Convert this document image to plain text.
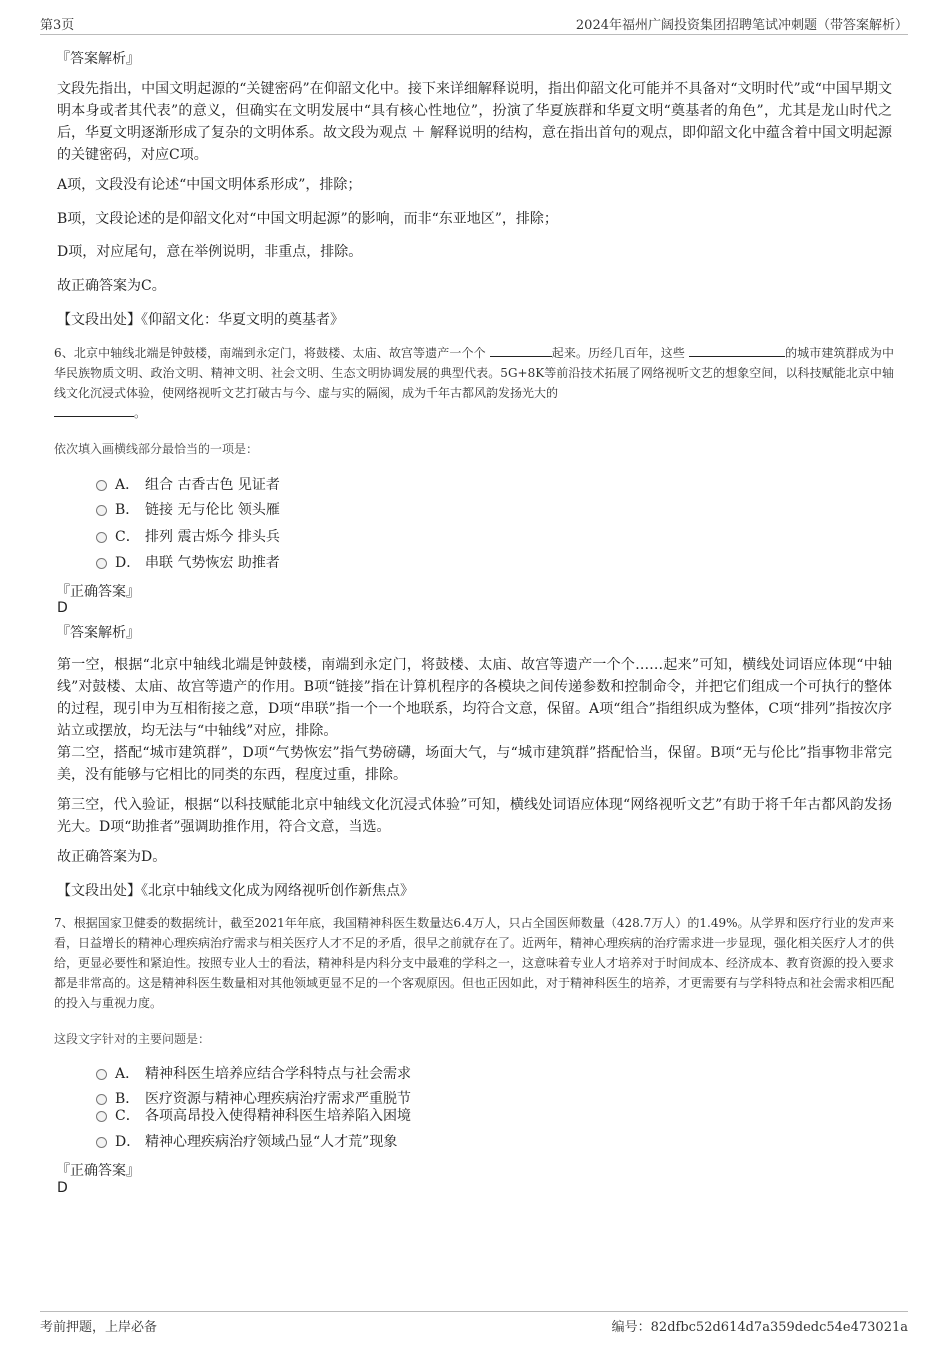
第3页	2024年福州广阔投资集团招聘笔试冲刺题（带答案解析）
『答案解析』
文段先指出，中国文明起源的“关键密码”在仰韶文化中。接下来详细解释说明，指出仰韶文化可能并不具备对“文明时代”或“中国早期文明本身或者其代表”的意义，但确实在文明发展中“具有核心性地位”，扮演了华夏族群和华夏文明“奠基者的角色”，尤其是龙山时代之后，华夏文明逐渐形成了复杂的文明体系。故文段为观点 ＋ 解释说明的结构，意在指出首句的观点，即仰韶文化中蕴含着中国文明起源的关键密码，对应C项。
A项，文段没有论述“中国文明体系形成”，排除；
B项，文段论述的是仰韶文化对“中国文明起源”的影响，而非“东亚地区”，排除；
D项，对应尾句，意在举例说明，非重点，排除。
故正确答案为C。
【文段出处】《仰韶文化：华夏文明的奠基者》
6、北京中轴线北端是钟鼓楼，南端到永定门，将鼓楼、太庙、故宫等遗产一个个	起来。历经几百年，这些	的城市建筑群成为中华民族物质文明、政治文明、精神文明、社会文明、生态文明协调发展的典型代表。5G+8K等前沿技术拓展了网络视听文艺的想象空间，以科技赋能北京中轴线文化沉浸式体验，使网络视听文艺打破古与今、虚与实的隔阂，成为千年古都风韵发扬光大的
。
依次填入画横线部分最恰当的一项是：
A． 组合 古香古色 见证者
B． 链接 无与伦比 领头雁
C． 排列 震古烁今 排头兵
D． 串联 气势恢宏 助推者
『正确答案』
D
『答案解析』
第一空，根据“北京中轴线北端是钟鼓楼，南端到永定门，将鼓楼、太庙、故宫等遗产一个个……起来”可知，横线处词语应体现“中轴线”对鼓楼、太庙、故宫等遗产的作用。B项“链接”指在计算机程序的各模块之间传递参数和控制命令，并把它们组成一个可执行的整体的过程，现引申为互相衔接之意，D项“串联”指一个一个地联系，均符合文意，保留。A项“组合”指组织成为整体，C项“排列”指按次序站立或摆放，均无法与“中轴线”对应，排除。
第二空，搭配“城市建筑群”，D项“气势恢宏”指气势磅礴，场面大气，与“城市建筑群”搭配恰当，保留。B项“无与伦比”指事物非常完美，没有能够与它相比的同类的东西，程度过重，排除。
第三空，代入验证，根据“以科技赋能北京中轴线文化沉浸式体验”可知，横线处词语应体现“网络视听文艺”有助于将千年古都风韵发扬光大。D项“助推者”强调助推作用，符合文意，当选。
故正确答案为D。
【文段出处】《北京中轴线文化成为网络视听创作新焦点》
7、根据国家卫健委的数据统计，截至2021年年底，我国精神科医生数量达6.4万人，只占全国医师数量（428.7万人）的1.49%。从学界和医疗行业的发声来看，日益增长的精神心理疾病治疗需求与相关医疗人才不足的矛盾，很早之前就存在了。近两年，精神心理疾病的治疗需求进一步显现，强化相关医疗人才的供给，更显必要性和紧迫性。按照专业人士的看法，精神科是内科分支中最难的学科之一，这意味着专业人才培养对于时间成本、经济成本、教育资源的投入要求都是非常高的。这是精神科医生数量相对其他领域更显不足的一个客观原因。但也正因如此，对于精神科医生的培养，才更需要有与学科特点和社会需求相匹配的投入与重视力度。
这段文字针对的主要问题是：
A． 精神科医生培养应结合学科特点与社会需求
B． 医疗资源与精神心理疾病治疗需求严重脱节
C． 各项高昂投入使得精神科医生培养陷入困境
D． 精神心理疾病治疗领域凸显“人才荒”现象
『正确答案』
D
考前押题，上岸必备	编号：82dfbc52d614d7a359dedc54e473021a
